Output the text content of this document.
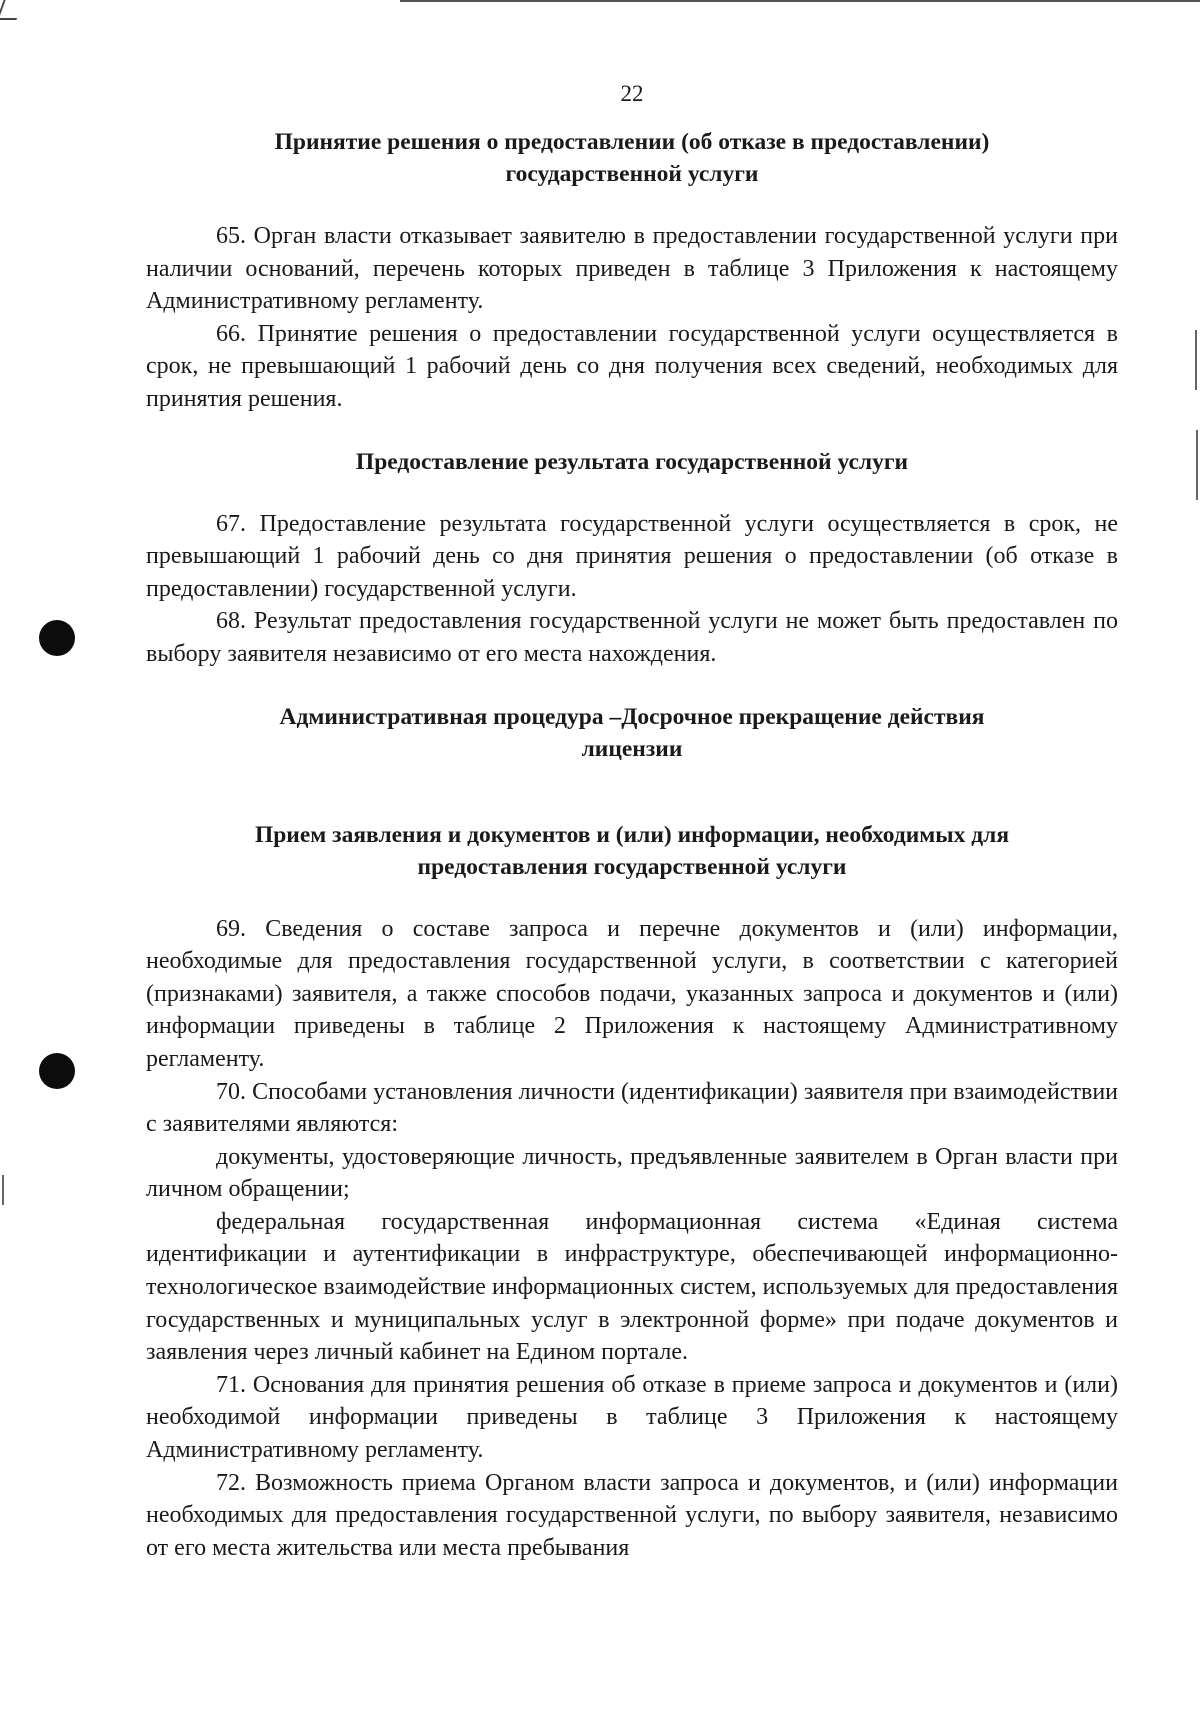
22
Принятие решения о предоставлении (об отказе в предоставлении)
государственной услуги

65. Орган власти отказывает заявителю в предоставлении государственной услуги при наличии оснований, перечень которых приведен в таблице 3 Приложения к настоящему Административному регламенту.

66. Принятие решения о предоставлении государственной услуги осуществляется в срок, не превышающий 1 рабочий день со дня получения всех сведений, необходимых для принятия решения.

Предоставление результата государственной услуги

67. Предоставление результата государственной услуги осуществляется в срок, не превышающий 1 рабочий день со дня принятия решения о предоставлении (об отказе в предоставлении) государственной услуги.

68. Результат предоставления государственной услуги не может быть предоставлен по выбору заявителя независимо от его места нахождения.

Административная процедура –Досрочное прекращение действия
лицензии
Прием заявления и документов и (или) информации, необходимых для
предоставления государственной услуги

69. Сведения о составе запроса и перечне документов и (или) информации, необходимые для предоставления государственной услуги, в соответствии с категорией (признаками) заявителя, а также способов подачи, указанных запроса и документов и (или) информации приведены в таблице 2 Приложения к настоящему Административному регламенту.

70. Способами установления личности (идентификации) заявителя при взаимодействии с заявителями являются:

документы, удостоверяющие личность, предъявленные заявителем в Орган власти при личном обращении;

федеральная государственная информационная система «Единая система идентификации и аутентификации в инфраструктуре, обеспечивающей информационно-технологическое взаимодействие информационных систем, используемых для предоставления государственных и муниципальных услуг в электронной форме» при подаче документов и заявления через личный кабинет на Едином портале.

71. Основания для принятия решения об отказе в приеме запроса и документов и (или) необходимой информации приведены в таблице 3 Приложения к настоящему Административному регламенту.

72. Возможность приема Органом власти запроса и документов, и (или) информации необходимых для предоставления государственной услуги, по выбору заявителя, независимо от его места жительства или места пребывания
